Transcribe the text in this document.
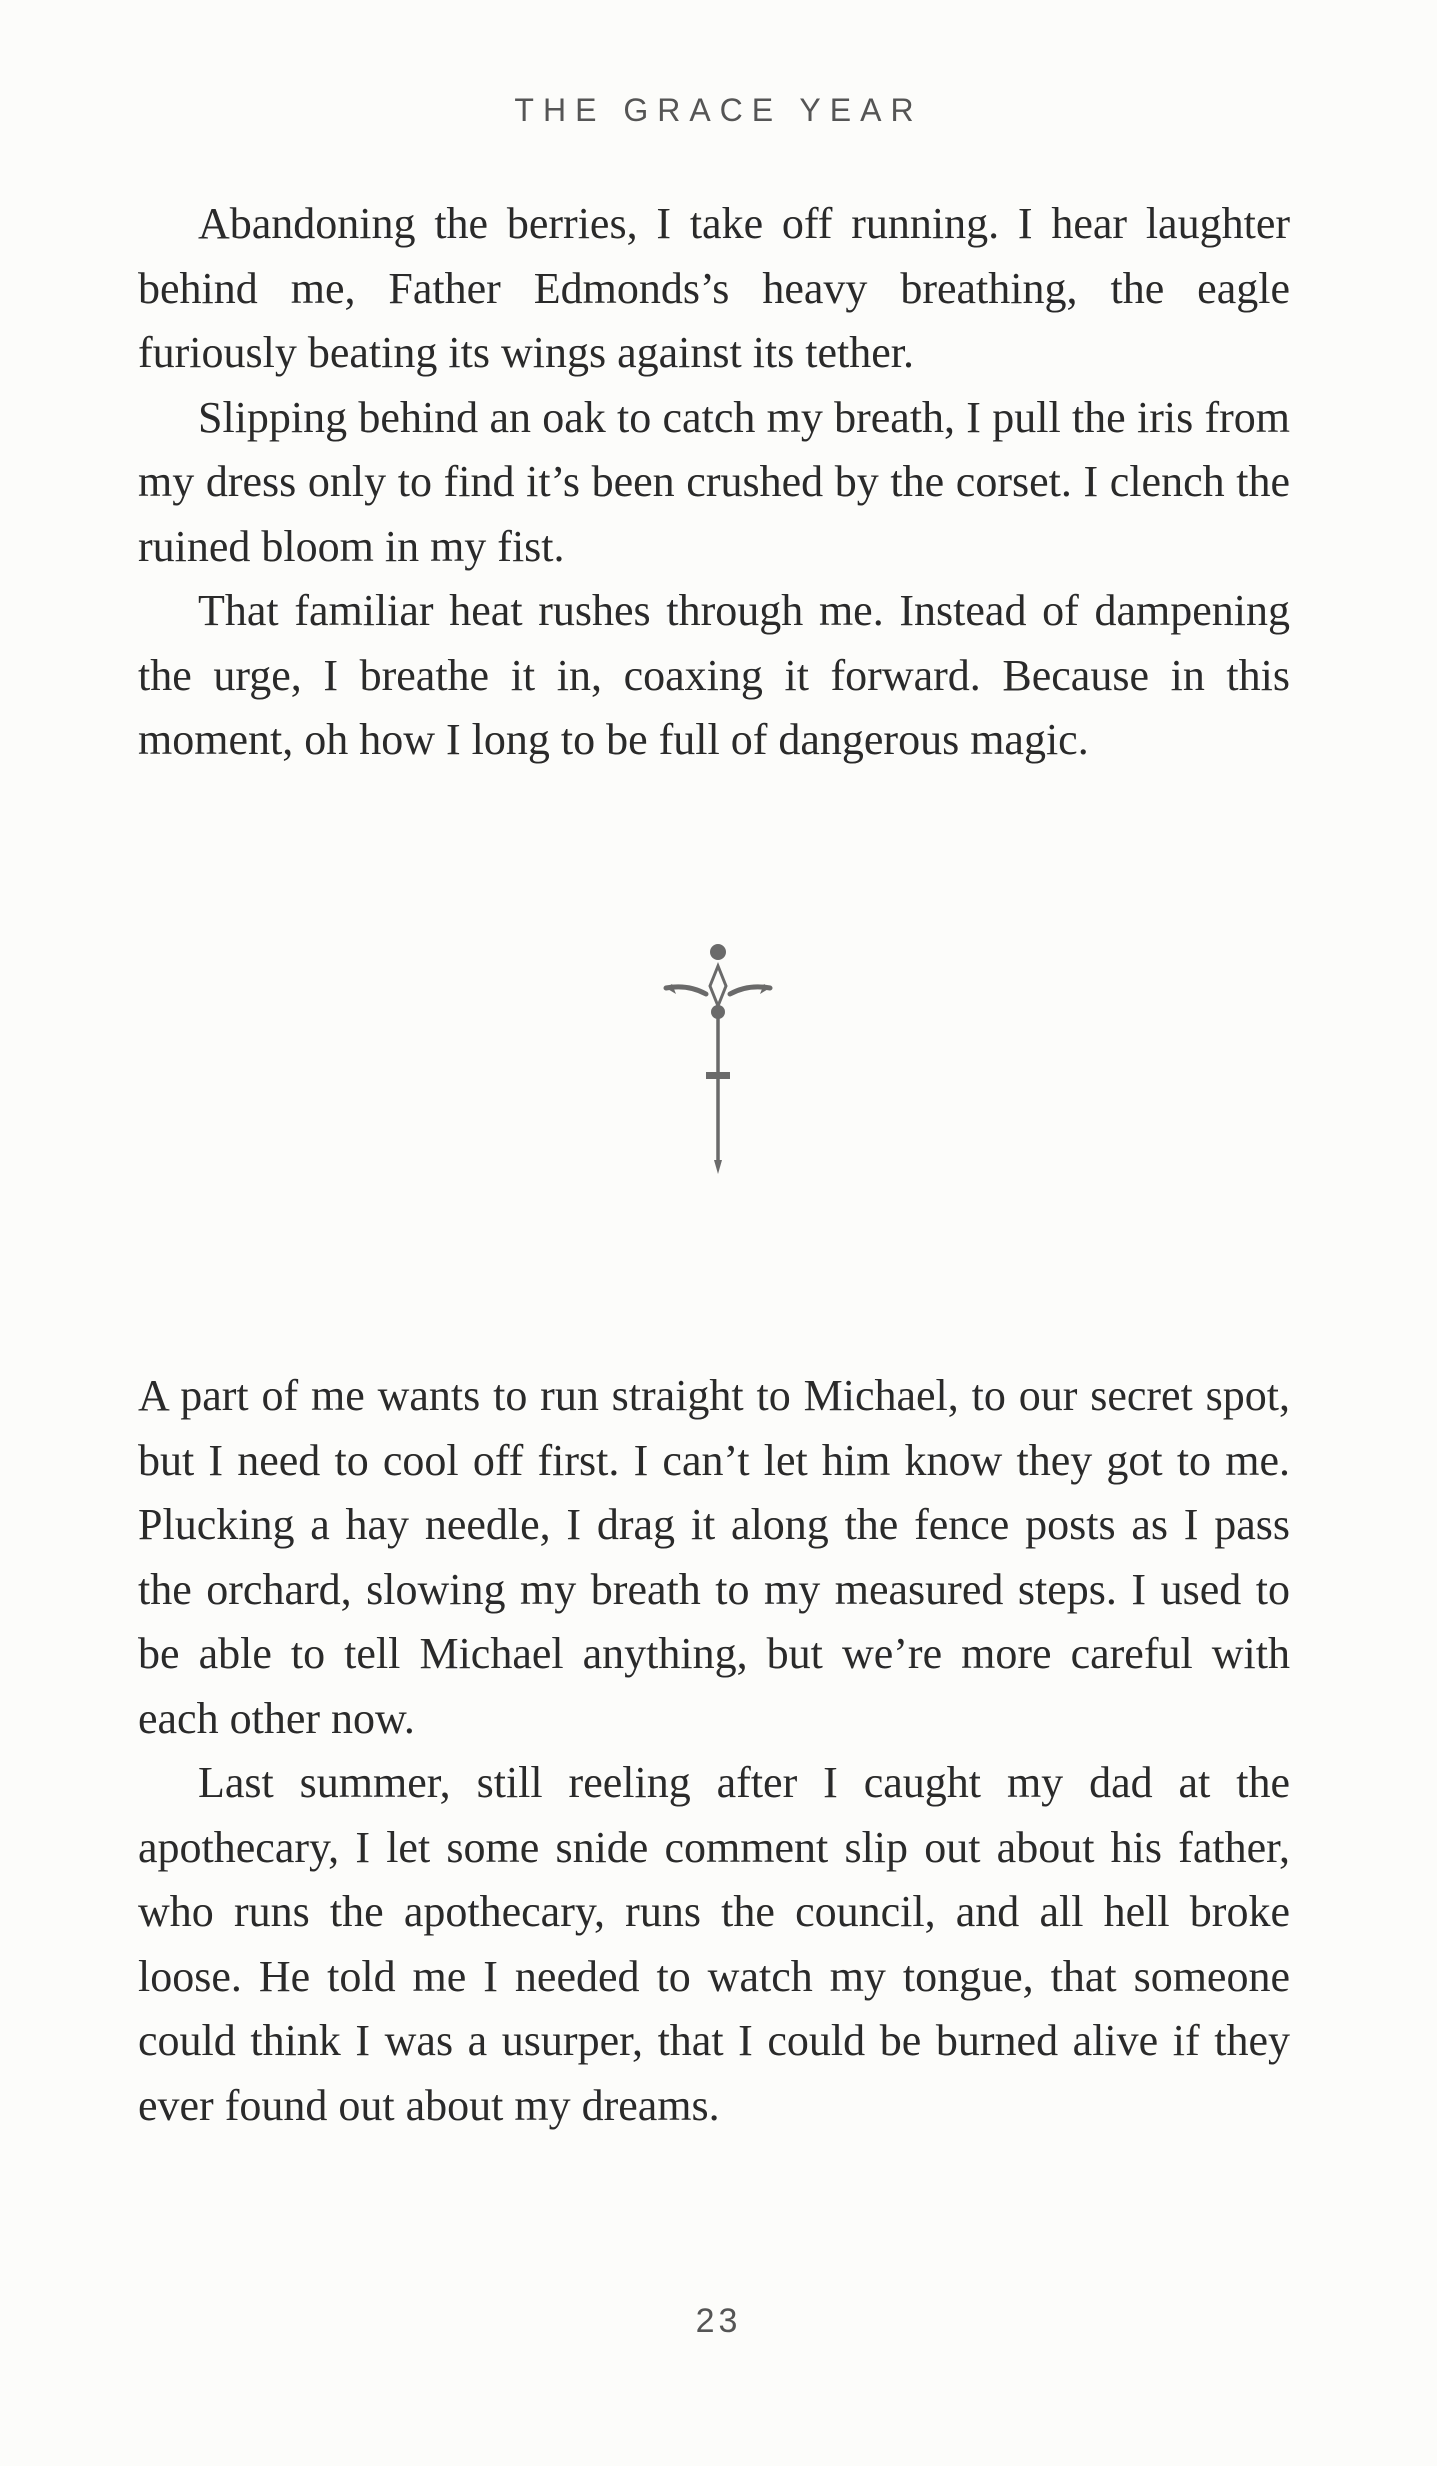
THE GRACE YEAR

Abandoning the berries, I take off running. I hear laughter behind me, Father Edmonds’s heavy breathing, the eagle furiously beating its wings against its tether.

Slipping behind an oak to catch my breath, I pull the iris from my dress only to find it’s been crushed by the corset. I clench the ruined bloom in my fist.

That familiar heat rushes through me. Instead of dampening the urge, I breathe it in, coaxing it forward. Because in this moment, oh how I long to be full of dangerous magic.

A part of me wants to run straight to Michael, to our secret spot, but I need to cool off first. I can’t let him know they got to me. Plucking a hay needle, I drag it along the fence posts as I pass the orchard, slowing my breath to my measured steps. I used to be able to tell Michael anything, but we’re more careful with each other now.

Last summer, still reeling after I caught my dad at the apothecary, I let some snide comment slip out about his father, who runs the apothecary, runs the council, and all hell broke loose. He told me I needed to watch my tongue, that someone could think I was a usurper, that I could be burned alive if they ever found out about my dreams.

23
